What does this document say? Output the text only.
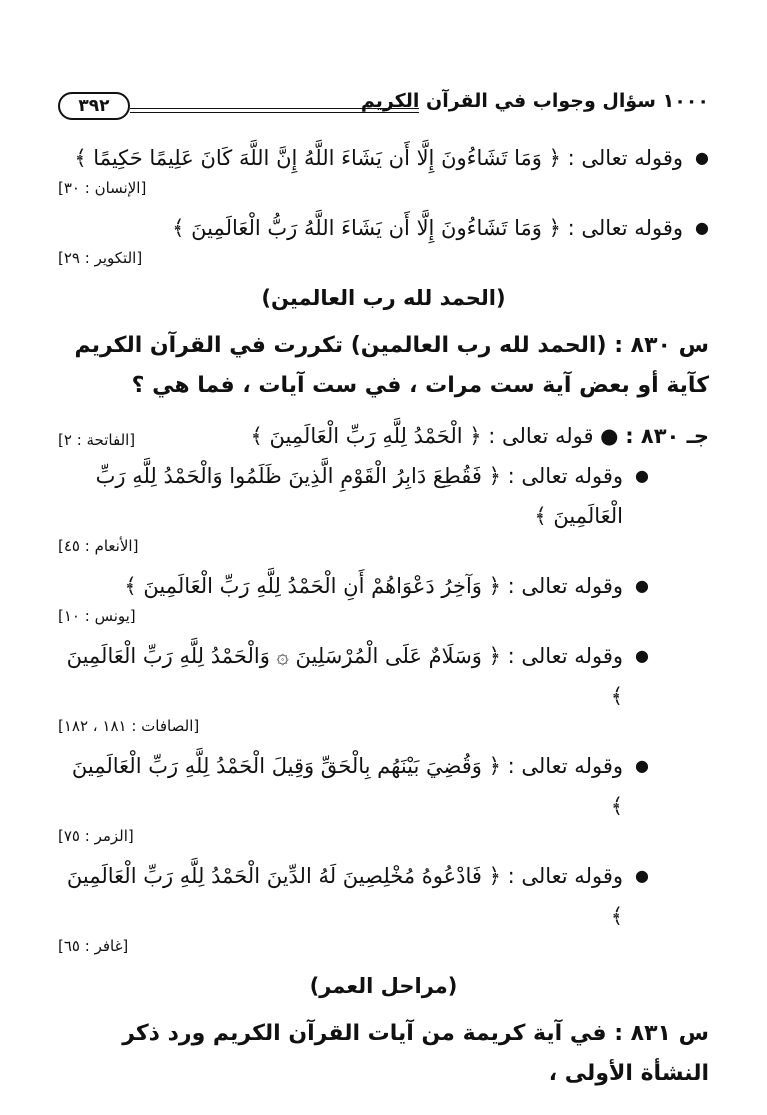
١٠٠٠ سؤال وجواب في القرآن الكريم
٣٩٢
● وقوله تعالى : ﴿ وَمَا تَشَاءُونَ إِلَّا أَن يَشَاءَ اللَّهُ إِنَّ اللَّهَ كَانَ عَلِيمًا حَكِيمًا ﴾
[الإنسان : ٣٠]
● وقوله تعالى : ﴿ وَمَا تَشَاءُونَ إِلَّا أَن يَشَاءَ اللَّهُ رَبُّ الْعَالَمِينَ ﴾
[التكوير : ٢٩]
(الحمد لله رب العالمين)
س ٨٣٠ : (الحمد لله رب العالمين) تكررت في القرآن الكريم كآية أو بعض آية ست مرات ، في ست آيات ، فما هي ؟
جـ ٨٣٠ : ● قوله تعالى : ﴿ الْحَمْدُ لِلَّهِ رَبِّ الْعَالَمِينَ ﴾
[الفاتحة : ٢]
● وقوله تعالى : ﴿ فَقُطِعَ دَابِرُ الْقَوْمِ الَّذِينَ ظَلَمُوا وَالْحَمْدُ لِلَّهِ رَبِّ الْعَالَمِينَ ﴾
[الأنعام : ٤٥]
● وقوله تعالى : ﴿ وَآخِرُ دَعْوَاهُمْ أَنِ الْحَمْدُ لِلَّهِ رَبِّ الْعَالَمِينَ ﴾
[يونس : ١٠]
● وقوله تعالى : ﴿ وَسَلَامٌ عَلَى الْمُرْسَلِينَ ۞ وَالْحَمْدُ لِلَّهِ رَبِّ الْعَالَمِينَ ﴾
[الصافات : ١٨١ ، ١٨٢]
● وقوله تعالى : ﴿ وَقُضِيَ بَيْنَهُم بِالْحَقِّ وَقِيلَ الْحَمْدُ لِلَّهِ رَبِّ الْعَالَمِينَ ﴾
[الزمر : ٧٥]
● وقوله تعالى : ﴿ فَادْعُوهُ مُخْلِصِينَ لَهُ الدِّينَ الْحَمْدُ لِلَّهِ رَبِّ الْعَالَمِينَ ﴾
[غافر : ٦٥]
(مراحل العمر)
س ٨٣١ : في آية كريمة من آيات القرآن الكريم ورد ذكر النشأة الأولى ،
